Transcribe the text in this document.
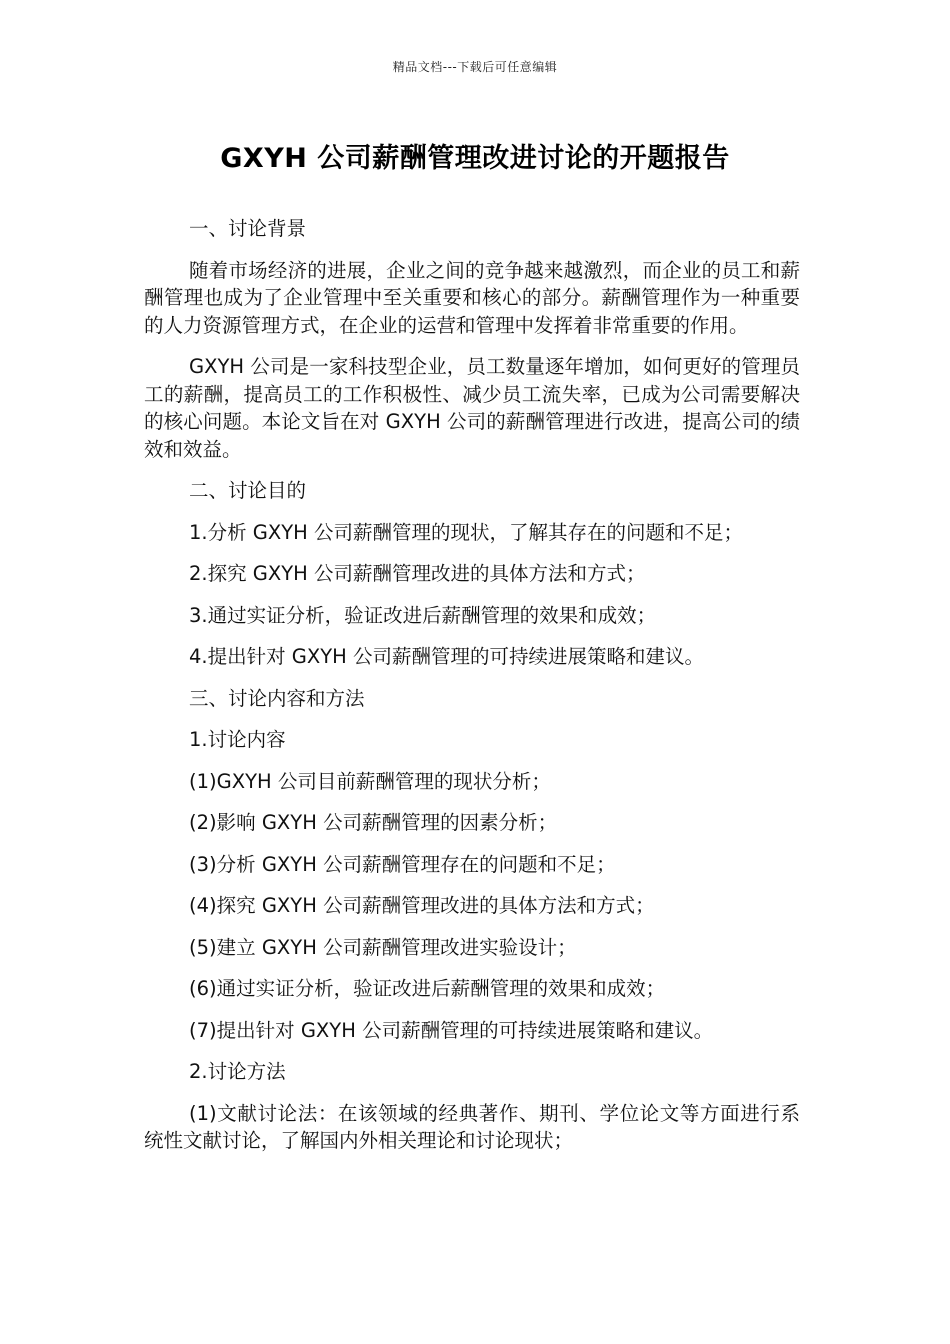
精品文档---下载后可任意编辑
GXYH 公司薪酬管理改进讨论的开题报告

一、讨论背景

随着市场经济的进展，企业之间的竞争越来越激烈，而企业的员工和薪酬管理也成为了企业管理中至关重要和核心的部分。薪酬管理作为一种重要的人力资源管理方式，在企业的运营和管理中发挥着非常重要的作用。

GXYH 公司是一家科技型企业，员工数量逐年增加，如何更好的管理员工的薪酬，提高员工的工作积极性、减少员工流失率，已成为公司需要解决的核心问题。本论文旨在对 GXYH 公司的薪酬管理进行改进，提高公司的绩效和效益。

二、讨论目的

1.分析 GXYH 公司薪酬管理的现状，了解其存在的问题和不足；

2.探究 GXYH 公司薪酬管理改进的具体方法和方式；

3.通过实证分析，验证改进后薪酬管理的效果和成效；

4.提出针对 GXYH 公司薪酬管理的可持续进展策略和建议。

三、讨论内容和方法

1.讨论内容

(1)GXYH 公司目前薪酬管理的现状分析；

(2)影响 GXYH 公司薪酬管理的因素分析；

(3)分析 GXYH 公司薪酬管理存在的问题和不足；

(4)探究 GXYH 公司薪酬管理改进的具体方法和方式；

(5)建立 GXYH 公司薪酬管理改进实验设计；

(6)通过实证分析，验证改进后薪酬管理的效果和成效；

(7)提出针对 GXYH 公司薪酬管理的可持续进展策略和建议。

2.讨论方法

(1)文献讨论法：在该领域的经典著作、期刊、学位论文等方面进行系统性文献讨论，了解国内外相关理论和讨论现状；
